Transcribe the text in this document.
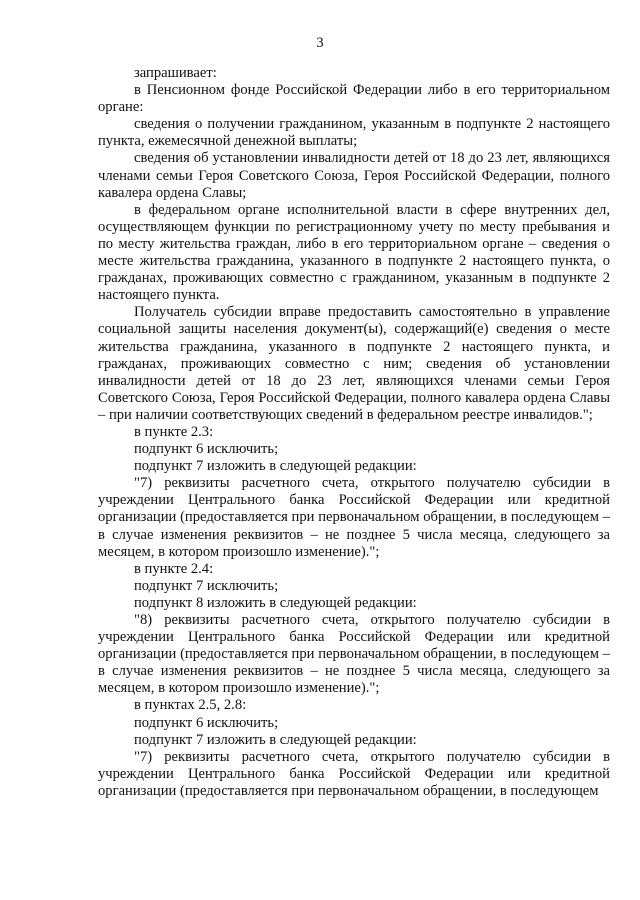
3

запрашивает:

в Пенсионном фонде Российской Федерации либо в его территориальном органе:

сведения о получении гражданином, указанным в подпункте 2 настоящего пункта, ежемесячной денежной выплаты;

сведения об установлении инвалидности детей от 18 до 23 лет, являющихся членами семьи Героя Советского Союза, Героя Российской Федерации, полного кавалера ордена Славы;

в федеральном органе исполнительной власти в сфере внутренних дел, осуществляющем функции по регистрационному учету по месту пребывания и по месту жительства граждан, либо в его территориальном органе – сведения о месте жительства гражданина, указанного в подпункте 2 настоящего пункта, о гражданах, проживающих совместно с гражданином, указанным в подпункте 2 настоящего пункта.

Получатель субсидии вправе предоставить самостоятельно в управление социальной защиты населения документ(ы), содержащий(е) сведения о месте жительства гражданина, указанного в подпункте 2 настоящего пункта, и гражданах, проживающих совместно с ним; сведения об установлении инвалидности детей от 18 до 23 лет, являющихся членами семьи Героя Советского Союза, Героя Российской Федерации, полного кавалера ордена Славы – при наличии соответствующих сведений в федеральном реестре инвалидов.";

в пункте 2.3:

подпункт 6 исключить;

подпункт 7 изложить в следующей редакции:

"7) реквизиты расчетного счета, открытого получателю субсидии в учреждении Центрального банка Российской Федерации или кредитной организации (предоставляется при первоначальном обращении, в последующем – в случае изменения реквизитов – не позднее 5 числа месяца, следующего за месяцем, в котором произошло изменение).";

в пункте 2.4:

подпункт 7 исключить;

подпункт 8 изложить в следующей редакции:

"8) реквизиты расчетного счета, открытого получателю субсидии в учреждении Центрального банка Российской Федерации или кредитной организации (предоставляется при первоначальном обращении, в последующем – в случае изменения реквизитов – не позднее 5 числа месяца, следующего за месяцем, в котором произошло изменение).";

в пунктах 2.5, 2.8:

подпункт 6 исключить;

подпункт 7 изложить в следующей редакции:

"7) реквизиты расчетного счета, открытого получателю субсидии в учреждении Центрального банка Российской Федерации или кредитной организации (предоставляется при первоначальном обращении, в последующем
